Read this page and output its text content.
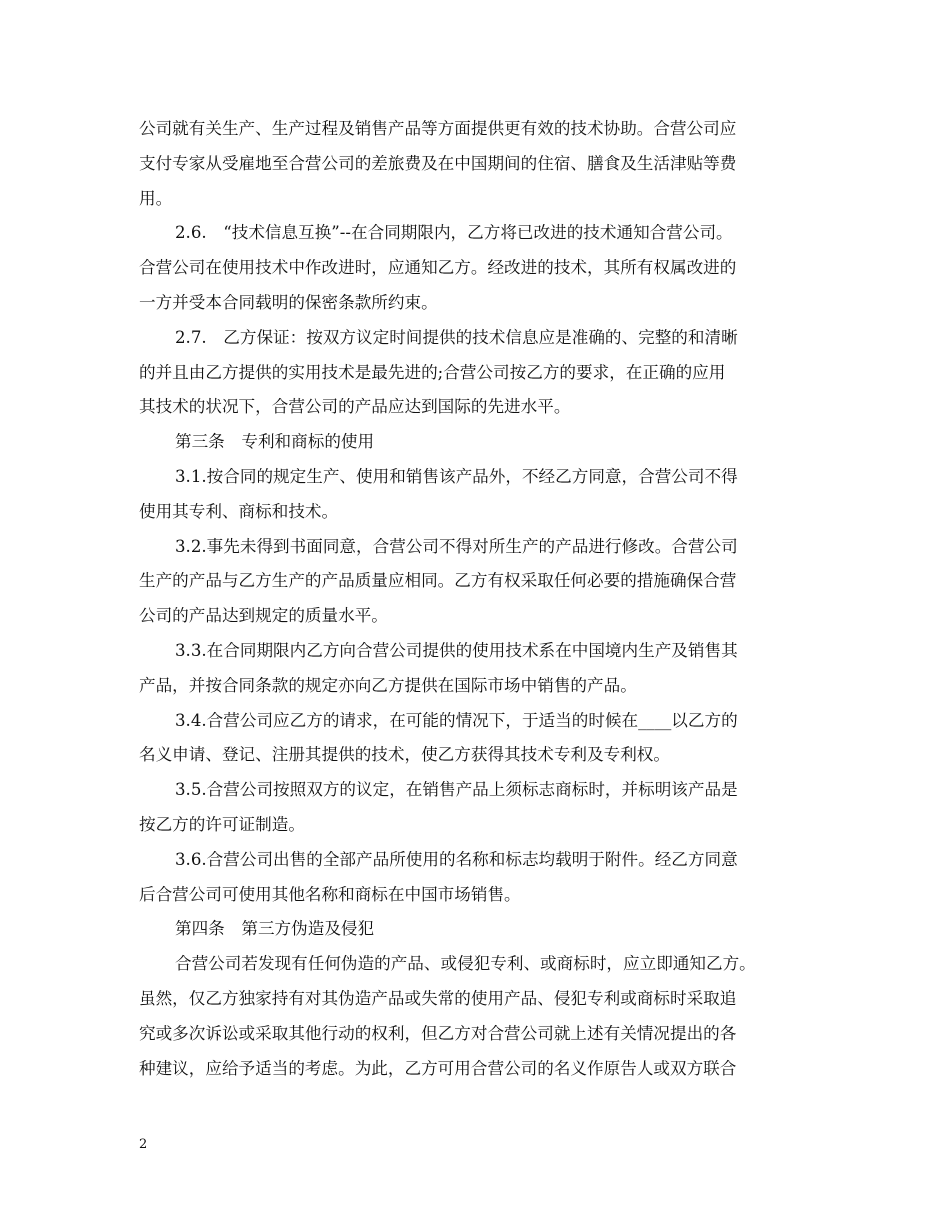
公司就有关生产、生产过程及销售产品等方面提供更有效的技术协助。合营公司应
支付专家从受雇地至合营公司的差旅费及在中国期间的住宿、膳食及生活津贴等费
用。
2.6.　“技术信息互换”--在合同期限内，乙方将已改进的技术通知合营公司。
合营公司在使用技术中作改进时，应通知乙方。经改进的技术，其所有权属改进的
一方并受本合同载明的保密条款所约束。
2.7.　乙方保证：按双方议定时间提供的技术信息应是准确的、完整的和清晰
的并且由乙方提供的实用技术是最先进的;合营公司按乙方的要求，在正确的应用
其技术的状况下，合营公司的产品应达到国际的先进水平。
第三条　专利和商标的使用
3.1.按合同的规定生产、使用和销售该产品外，不经乙方同意，合营公司不得
使用其专利、商标和技术。
3.2.事先未得到书面同意，合营公司不得对所生产的产品进行修改。合营公司
生产的产品与乙方生产的产品质量应相同。乙方有权采取任何必要的措施确保合营
公司的产品达到规定的质量水平。
3.3.在合同期限内乙方向合营公司提供的使用技术系在中国境内生产及销售其
产品，并按合同条款的规定亦向乙方提供在国际市场中销售的产品。
3.4.合营公司应乙方的请求，在可能的情况下，于适当的时候在____以乙方的
名义申请、登记、注册其提供的技术，使乙方获得其技术专利及专利权。
3.5.合营公司按照双方的议定，在销售产品上须标志商标时，并标明该产品是
按乙方的许可证制造。
3.6.合营公司出售的全部产品所使用的名称和标志均载明于附件。经乙方同意
后合营公司可使用其他名称和商标在中国市场销售。
第四条　第三方伪造及侵犯
合营公司若发现有任何伪造的产品、或侵犯专利、或商标时，应立即通知乙方。
虽然，仅乙方独家持有对其伪造产品或失常的使用产品、侵犯专利或商标时采取追
究或多次诉讼或采取其他行动的权利，但乙方对合营公司就上述有关情况提出的各
种建议，应给予适当的考虑。为此，乙方可用合营公司的名义作原告人或双方联合
2
